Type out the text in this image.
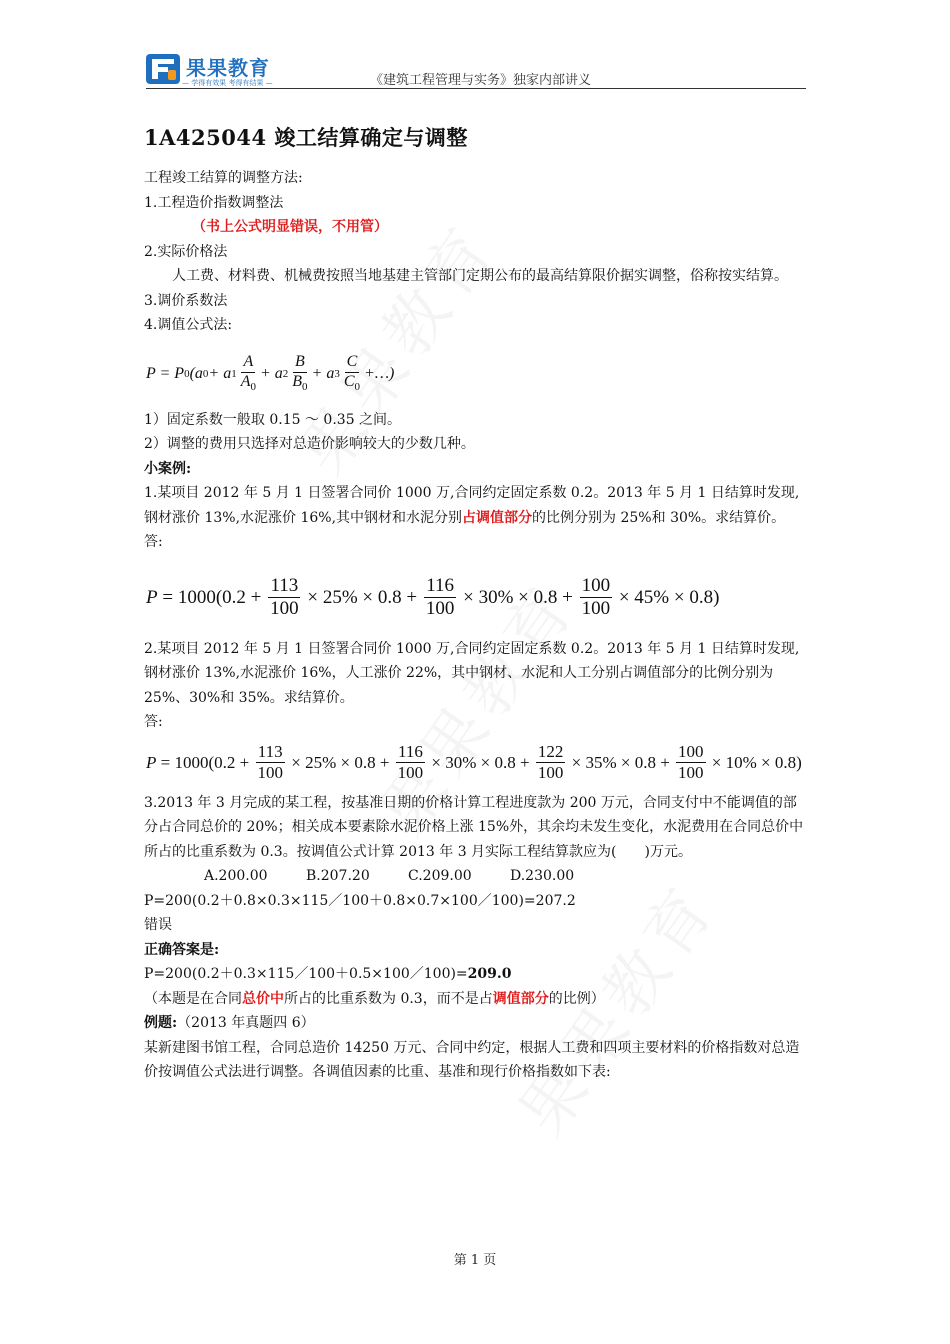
果果教育
— 学得有效果 考得有结果 —	《建筑工程管理与实务》独家内部讲义
1A425044 竣工结算确定与调整

工程竣工结算的调整方法:

1.工程造价指数调整法

（书上公式明显错误，不用管）

2.实际价格法

人工费、材料费、机械费按照当地基建主管部门定期公布的最高结算限价据实调整，俗称按实结算。

3.调价系数法

4.调值公式法:

P = P 0 (a 0 + a $1 \frac{A}{A_0} + a$ $2 \frac{B}{B_0} + a$ $3 \frac{C}{C_0}$ +…)

1）固定系数一般取 0.15 ～ 0.35 之间。

2）调整的费用只选择对总造价影响较大的少数几种。

小案例:

1.某项目 2012 年 5 月 1 日签署合同价 1000 万,合同约定固定系数 0.2。2013 年 5 月 1 日结算时发现,钢材涨价 13%,水泥涨价 16%,其中钢材和水泥分别占调值部分的比例分别为 25%和 30%。求结算价。

答:

$P = 1000(0.2 + \frac{113}{100} \times 25\% \times 0.8 + \frac{116}{100} \times 30\% \times 0.8 + \frac{100}{100} \times 45\% \times 0.8)$

2.某项目 2012 年 5 月 1 日签署合同价 1000 万,合同约定固定系数 0.2。2013 年 5 月 1 日结算时发现,钢材涨价 13%,水泥涨价 16%，人工涨价 22%，其中钢材、水泥和人工分别占调值部分的比例分别为 25%、30%和 35%。求结算价。

答:

$P = 1000(0.2 + \frac{113}{100} \times 25\% \times 0.8 + \frac{116}{100} \times 30\% \times 0.8 + \frac{122}{100} \times 35\% \times 0.8 + \frac{100}{100} \times 10\% \times 0.8)$

3.2013 年 3 月完成的某工程，按基准日期的价格计算工程进度款为 200 万元，合同支付中不能调值的部分占合同总价的 20%；相关成本要素除水泥价格上涨 15%外，其余均未发生变化，水泥费用在合同总价中所占的比重系数为 0.3。按调值公式计算 2013 年 3 月实际工程结算款应为(　　)万元。

A.200.00	B.207.20	C.209.00	D.230.00

P=200(0.2＋0.8×0.3×115／100＋0.8×0.7×100／100)=207.2

错误

正确答案是:

P=200(0.2＋0.3×115／100＋0.5×100／100)=209.0

（本题是在合同总价中所占的比重系数为 0.3，而不是占调值部分的比例）

例题:（2013 年真题四 6）

某新建图书馆工程，合同总造价 14250 万元、合同中约定，根据人工费和四项主要材料的价格指数对总造价按调值公式法进行调整。各调值因素的比重、基准和现行价格指数如下表:

第 1 页
